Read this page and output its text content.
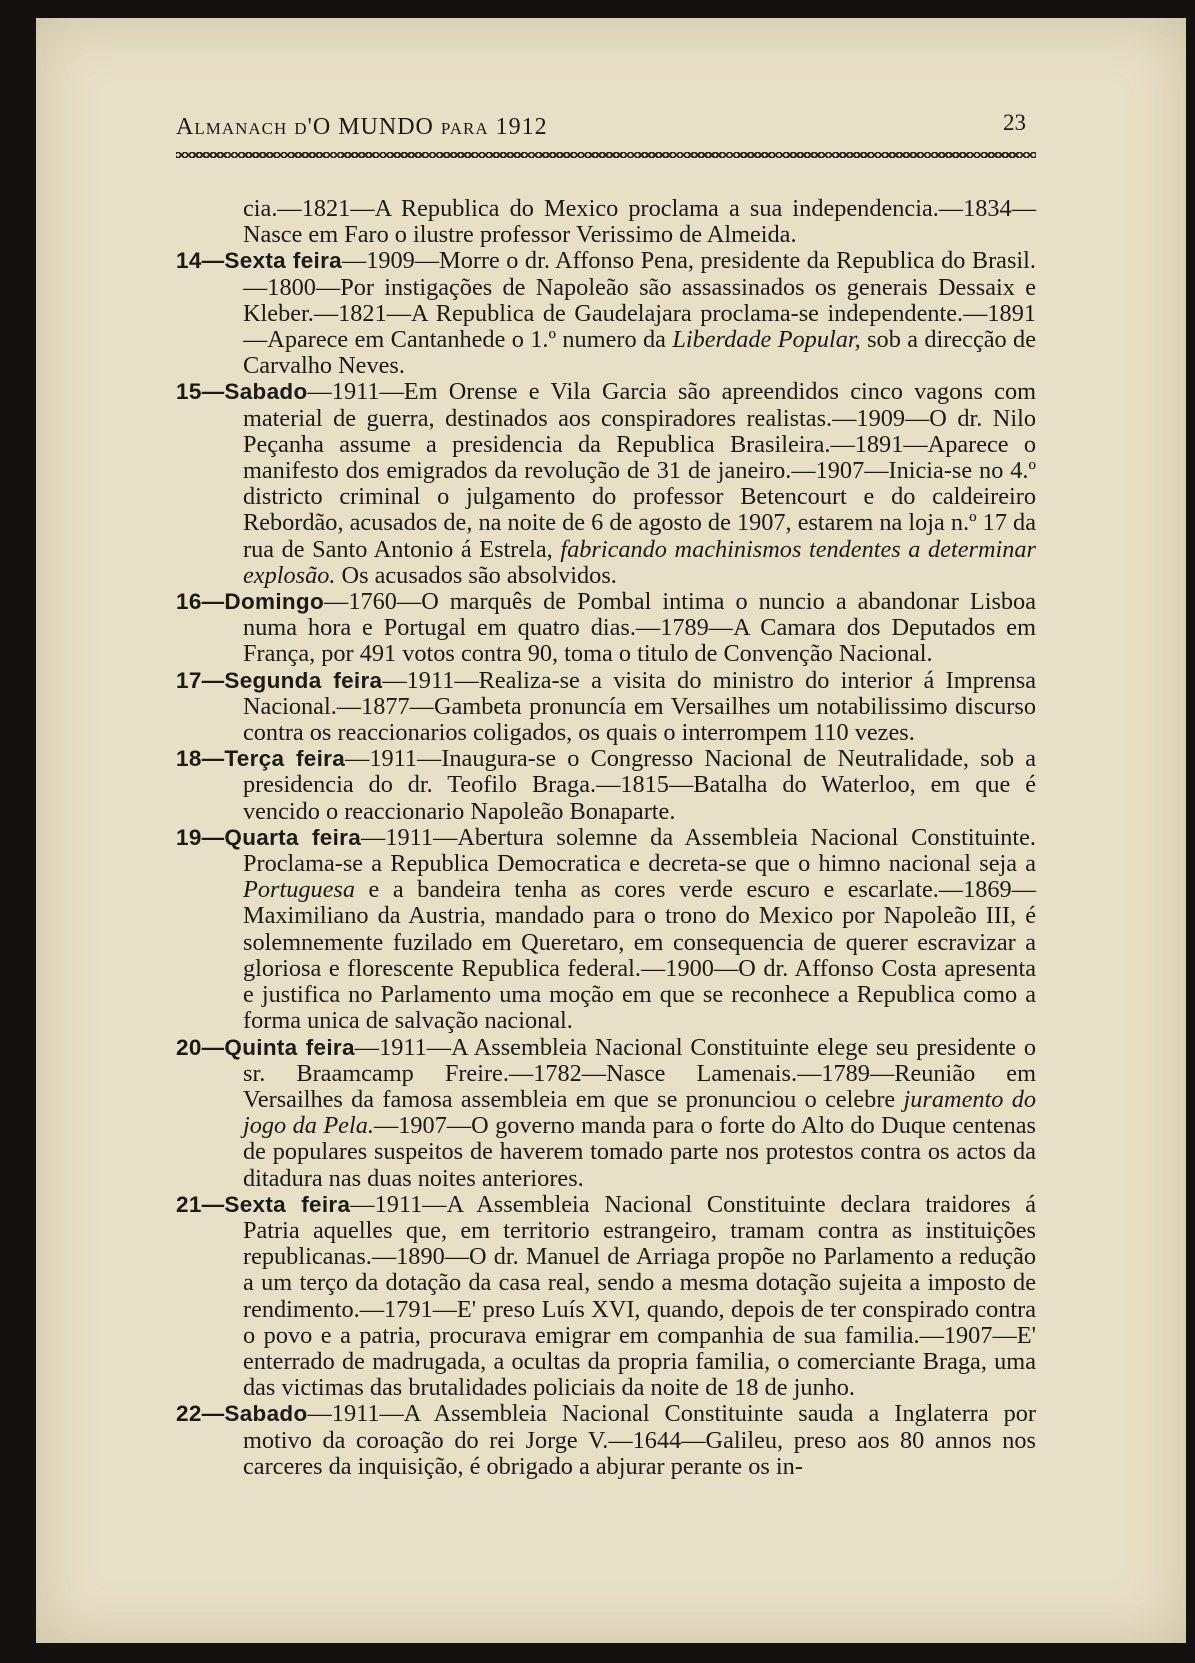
Almanach d'O MUNDO para 1912	23

cia.—1821—A Republica do Mexico proclama a sua independencia.—1834—Nasce em Faro o ilustre professor Verissimo de Almeida.

14—Sexta feira—1909—Morre o dr. Affonso Pena, presidente da Republica do Brasil.—1800—Por instigações de Napoleão são assassinados os generais Dessaix e Kleber.—1821—A Republica de Gaudelajara proclama-se independente.—1891—Aparece em Cantanhede o 1.º numero da Liberdade Popular, sob a direcção de Carvalho Neves.

15—Sabado—1911—Em Orense e Vila Garcia são apreendidos cinco vagons com material de guerra, destinados aos conspiradores realistas.—1909—O dr. Nilo Peçanha assume a presidencia da Republica Brasileira.—1891—Aparece o manifesto dos emigrados da revolução de 31 de janeiro.—1907—Inicia-se no 4.º districto criminal o julgamento do professor Betencourt e do caldeireiro Rebordão, acusados de, na noite de 6 de agosto de 1907, estarem na loja n.º 17 da rua de Santo Antonio á Estrela, fabricando machinismos tendentes a determinar explosão. Os acusados são absolvidos.

16—Domingo—1760—O marquês de Pombal intima o nuncio a abandonar Lisboa numa hora e Portugal em quatro dias.—1789—A Camara dos Deputados em França, por 491 votos contra 90, toma o titulo de Convenção Nacional.

17—Segunda feira—1911—Realiza-se a visita do ministro do interior á Imprensa Nacional.—1877—Gambeta pronuncía em Versailhes um notabilissimo discurso contra os reaccionarios coligados, os quais o interrompem 110 vezes.

18—Terça feira—1911—Inaugura-se o Congresso Nacional de Neutralidade, sob a presidencia do dr. Teofilo Braga.—1815—Batalha do Waterloo, em que é vencido o reaccionario Napoleão Bonaparte.

19—Quarta feira—1911—Abertura solemne da Assembleia Nacional Constituinte. Proclama-se a Republica Democratica e decreta-se que o himno nacional seja a Portuguesa e a bandeira tenha as cores verde escuro e escarlate.—1869—Maximiliano da Austria, mandado para o trono do Mexico por Napoleão III, é solemnemente fuzilado em Queretaro, em consequencia de querer escravizar a gloriosa e florescente Republica federal.—1900—O dr. Affonso Costa apresenta e justifica no Parlamento uma moção em que se reconhece a Republica como a forma unica de salvação nacional.

20—Quinta feira—1911—A Assembleia Nacional Constituinte elege seu presidente o sr. Braamcamp Freire.—1782—Nasce Lamenais.—1789—Reunião em Versailhes da famosa assembleia em que se pronunciou o celebre juramento do jogo da Pela.—1907—O governo manda para o forte do Alto do Duque centenas de populares suspeitos de haverem tomado parte nos protestos contra os actos da ditadura nas duas noites anteriores.

21—Sexta feira—1911—A Assembleia Nacional Constituinte declara traidores á Patria aquelles que, em territorio estrangeiro, tramam contra as instituições republicanas.—1890—O dr. Manuel de Arriaga propõe no Parlamento a redução a um terço da dotação da casa real, sendo a mesma dotação sujeita a imposto de rendimento.—1791—E' preso Luís XVI, quando, depois de ter conspirado contra o povo e a patria, procurava emigrar em companhia de sua familia.—1907—E' enterrado de madrugada, a ocultas da propria familia, o comerciante Braga, uma das victimas das brutalidades policiais da noite de 18 de junho.

22—Sabado—1911—A Assembleia Nacional Constituinte sauda a Inglaterra por motivo da coroação do rei Jorge V.—1644—Galileu, preso aos 80 annos nos carceres da inquisição, é obrigado a abjurar perante os in-
